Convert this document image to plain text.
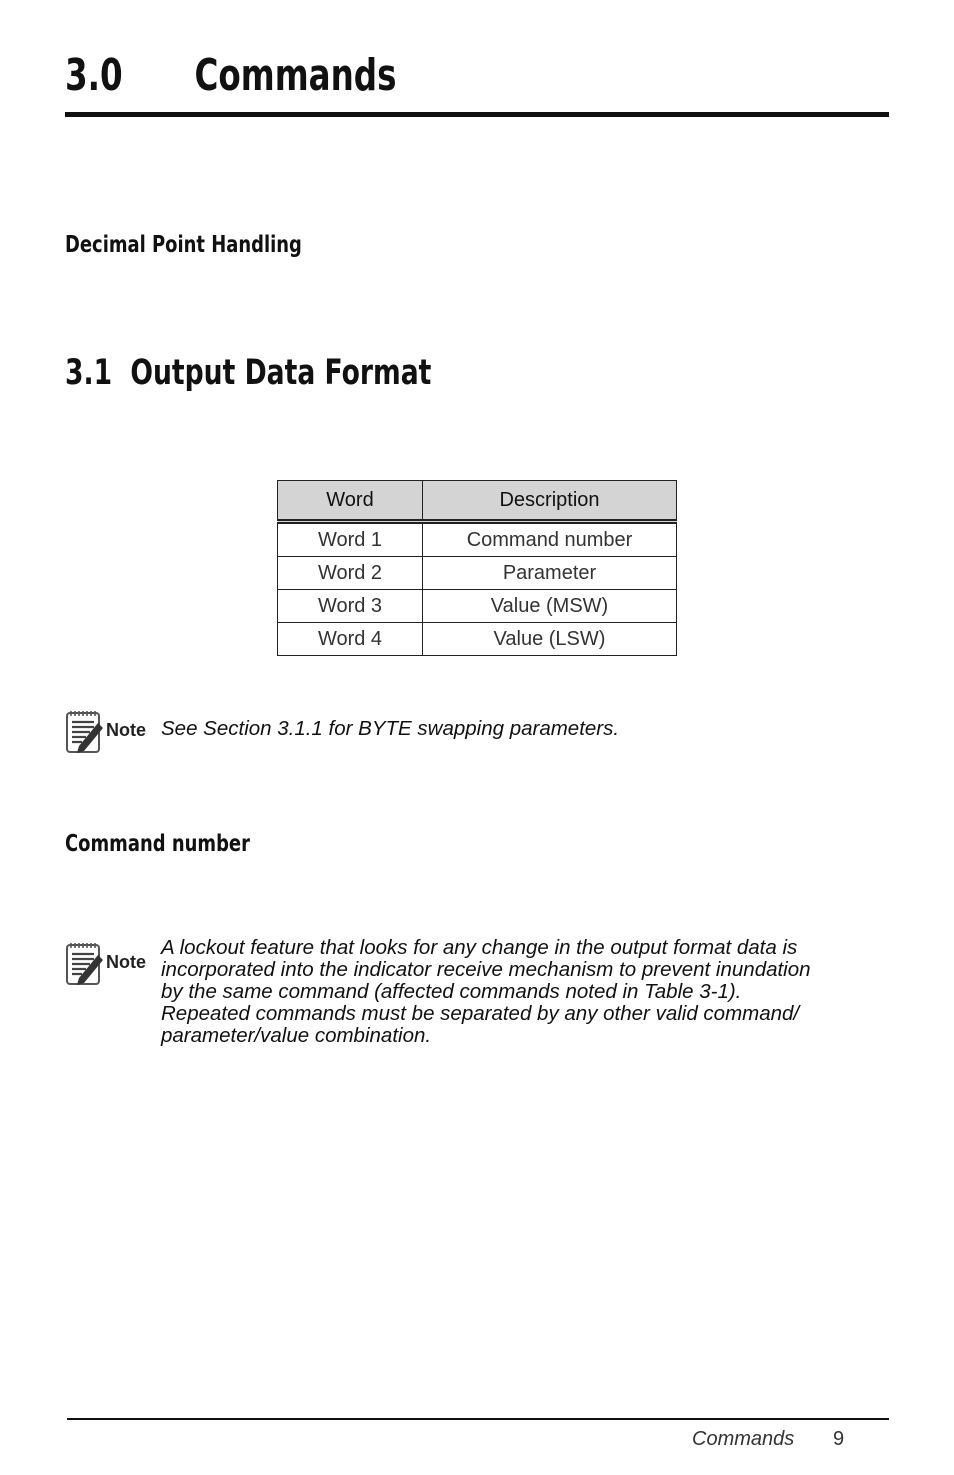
3.0 Commands
Decimal Point Handling
3.1 Output Data Format
Word	Description
Word 1	Command number
Word 2	Parameter
Word 3	Value (MSW)
Word 4	Value (LSW)
Note See Section 3.1.1 for BYTE swapping parameters.

Command number
Note

A lockout feature that looks for any change in the output format data is
incorporated into the indicator receive mechanism to prevent inundation
by the same command (affected commands noted in Table 3-1).
Repeated commands must be separated by any other valid command/
parameter/value combination.

Commands 9
